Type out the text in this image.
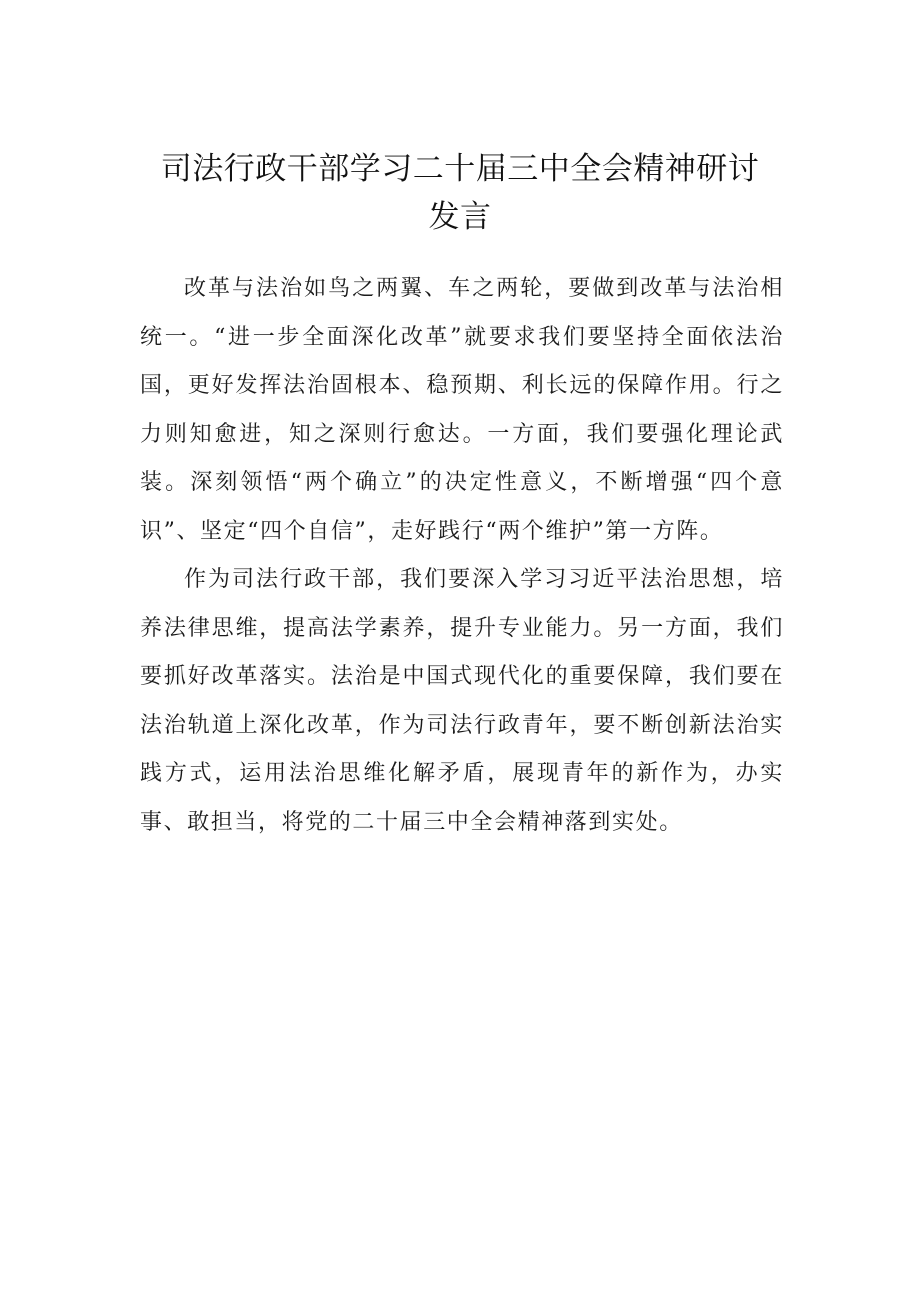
司法行政干部学习二十届三中全会精神研讨发言

改革与法治如鸟之两翼、车之两轮，要做到改革与法治相统一。“进一步全面深化改革”就要求我们要坚持全面依法治国，更好发挥法治固根本、稳预期、利长远的保障作用。行之力则知愈进，知之深则行愈达。一方面，我们要强化理论武装。深刻领悟“两个确立”的决定性意义，不断增强“四个意识”、坚定“四个自信”，走好践行“两个维护”第一方阵。

作为司法行政干部，我们要深入学习习近平法治思想，培养法律思维，提高法学素养，提升专业能力。另一方面，我们要抓好改革落实。法治是中国式现代化的重要保障，我们要在法治轨道上深化改革，作为司法行政青年，要不断创新法治实践方式，运用法治思维化解矛盾，展现青年的新作为，办实事、敢担当，将党的二十届三中全会精神落到实处。
